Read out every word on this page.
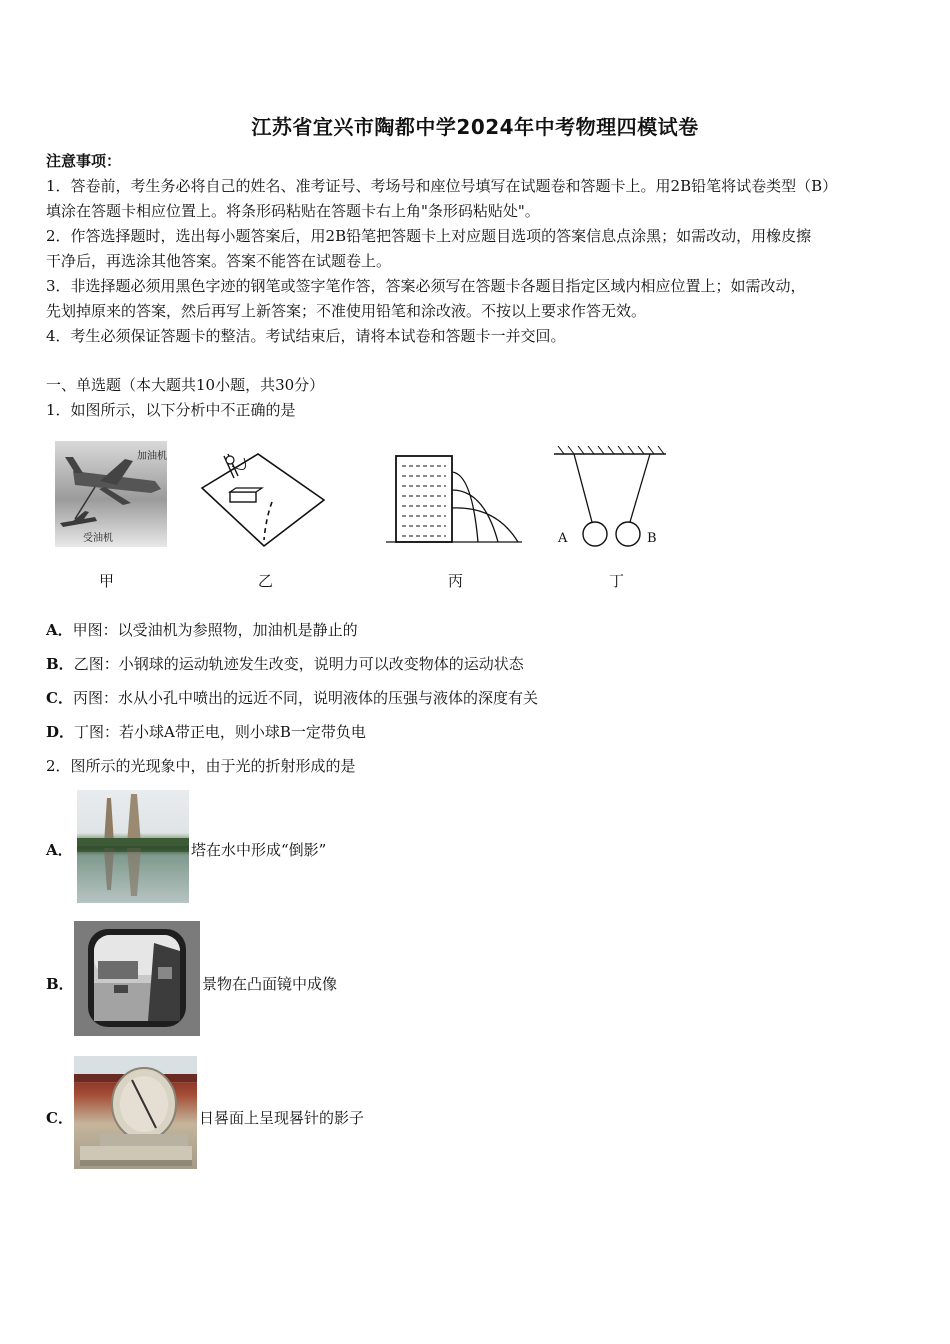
江苏省宜兴市陶都中学2024年中考物理四模试卷
注意事项：
1．答卷前，考生务必将自己的姓名、准考证号、考场号和座位号填写在试题卷和答题卡上。用2B铅笔将试卷类型（B）
填涂在答题卡相应位置上。将条形码粘贴在答题卡右上角"条形码粘贴处"。
2．作答选择题时，选出每小题答案后，用2B铅笔把答题卡上对应题目选项的答案信息点涂黑；如需改动，用橡皮擦
干净后，再选涂其他答案。答案不能答在试题卷上。
3．非选择题必须用黑色字迹的钢笔或签字笔作答，答案必须写在答题卡各题目指定区域内相应位置上；如需改动，
先划掉原来的答案，然后再写上新答案；不准使用铅笔和涂改液。不按以上要求作答无效。
4．考生必须保证答题卡的整洁。考试结束后，请将本试卷和答题卡一并交回。
一、单选题（本大题共10小题，共30分）
1．如图所示，以下分析中不正确的是
加油机
受油机	A	B
甲	乙	丙	丁
A．甲图：以受油机为参照物，加油机是静止的
B．乙图：小钢球的运动轨迹发生改变，说明力可以改变物体的运动状态
C．丙图：水从小孔中喷出的远近不同，说明液体的压强与液体的深度有关
D．丁图：若小球A带正电，则小球B一定带负电
2．图所示的光现象中，由于光的折射形成的是
A．	塔在水中形成“倒影”
B．	景物在凸面镜中成像
C．	日晷面上呈现晷针的影子
